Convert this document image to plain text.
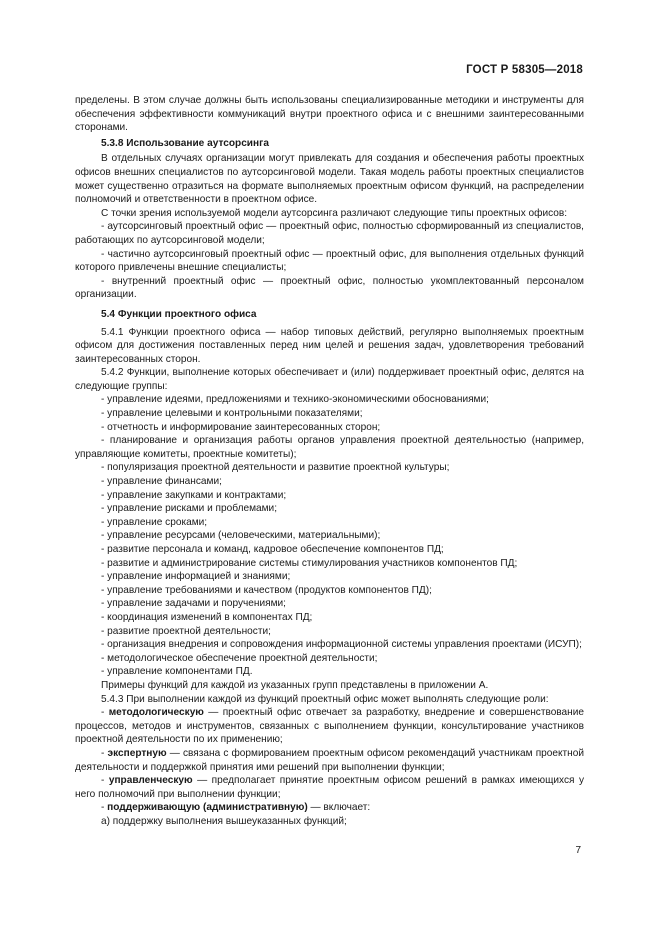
ГОСТ Р 58305—2018

пределены. В этом случае должны быть использованы специализированные методики и инструменты для обеспечения эффективности коммуникаций внутри проектного офиса и с внешними заинтересованными сторонами.

5.3.8 Использование аутсорсинга

В отдельных случаях организации могут привлекать для создания и обеспечения работы проектных офисов внешних специалистов по аутсорсинговой модели. Такая модель работы проектных специалистов может существенно отразиться на формате выполняемых проектным офисом функций, на распределении полномочий и ответственности в проектном офисе.

С точки зрения используемой модели аутсорсинга различают следующие типы проектных офисов:

- аутсорсинговый проектный офис — проектный офис, полностью сформированный из специалистов, работающих по аутсорсинговой модели;

- частично аутсорсинговый проектный офис — проектный офис, для выполнения отдельных функций которого привлечены внешние специалисты;

- внутренний проектный офис — проектный офис, полностью укомплектованный персоналом организации.

5.4 Функции проектного офиса

5.4.1 Функции проектного офиса — набор типовых действий, регулярно выполняемых проектным офисом для достижения поставленных перед ним целей и решения задач, удовлетворения требований заинтересованных сторон.

5.4.2 Функции, выполнение которых обеспечивает и (или) поддерживает проектный офис, делятся на следующие группы:

- управление идеями, предложениями и технико-экономическими обоснованиями;

- управление целевыми и контрольными показателями;

- отчетность и информирование заинтересованных сторон;

- планирование и организация работы органов управления проектной деятельностью (например, управляющие комитеты, проектные комитеты);

- популяризация проектной деятельности и развитие проектной культуры;

- управление финансами;

- управление закупками и контрактами;

- управление рисками и проблемами;

- управление сроками;

- управление ресурсами (человеческими, материальными);

- развитие персонала и команд, кадровое обеспечение компонентов ПД;

- развитие и администрирование системы стимулирования участников компонентов ПД;

- управление информацией и знаниями;

- управление требованиями и качеством (продуктов компонентов ПД);

- управление задачами и поручениями;

- координация изменений в компонентах ПД;

- развитие проектной деятельности;

- организация внедрения и сопровождения информационной системы управления проектами (ИСУП);

- методологическое обеспечение проектной деятельности;

- управление компонентами ПД.

Примеры функций для каждой из указанных групп представлены в приложении А.

5.4.3 При выполнении каждой из функций проектный офис может выполнять следующие роли:

- методологическую — проектный офис отвечает за разработку, внедрение и совершенствование процессов, методов и инструментов, связанных с выполнением функции, консультирование участников проектной деятельности по их применению;

- экспертную — связана с формированием проектным офисом рекомендаций участникам проектной деятельности и поддержкой принятия ими решений при выполнении функции;

- управленческую — предполагает принятие проектным офисом решений в рамках имеющихся у него полномочий при выполнении функции;

- поддерживающую (административную) — включает:

а) поддержку выполнения вышеуказанных функций;

7
